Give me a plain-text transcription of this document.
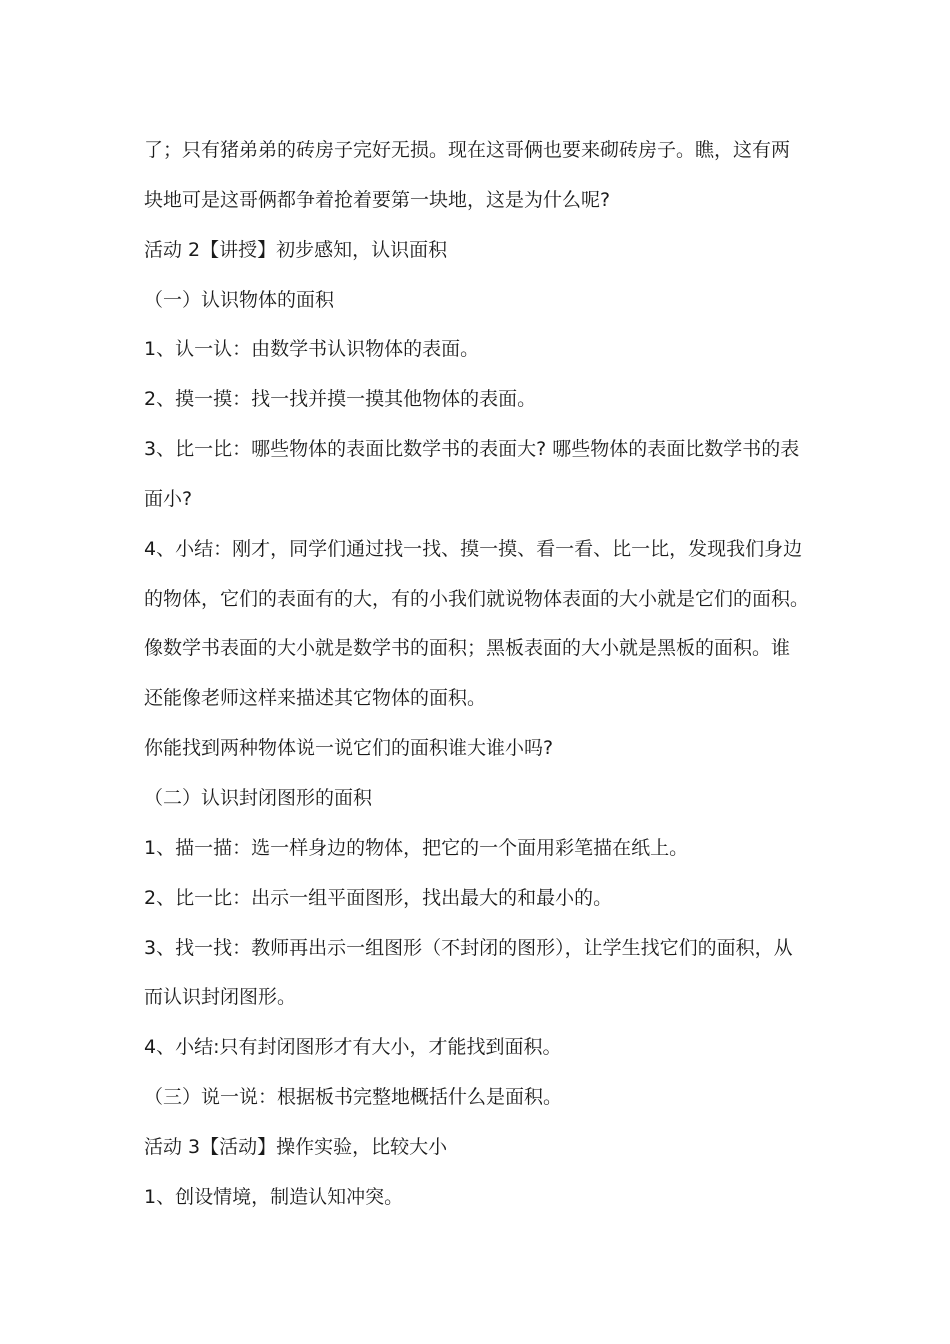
了；只有猪弟弟的砖房子完好无损。现在这哥俩也要来砌砖房子。瞧，这有两
块地可是这哥俩都争着抢着要第一块地，这是为什么呢?
活动 2【讲授】初步感知，认识面积
（一）认识物体的面积
1、认一认：由数学书认识物体的表面。
2、摸一摸：找一找并摸一摸其他物体的表面。
3、比一比：哪些物体的表面比数学书的表面大? 哪些物体的表面比数学书的表
面小?
4、小结：刚才，同学们通过找一找、摸一摸、看一看、比一比，发现我们身边
的物体，它们的表面有的大，有的小我们就说物体表面的大小就是它们的面积。
像数学书表面的大小就是数学书的面积；黑板表面的大小就是黑板的面积。谁
还能像老师这样来描述其它物体的面积。
你能找到两种物体说一说它们的面积谁大谁小吗?
（二）认识封闭图形的面积
1、描一描：选一样身边的物体，把它的一个面用彩笔描在纸上。
2、比一比：出示一组平面图形，找出最大的和最小的。
3、找一找：教师再出示一组图形（不封闭的图形），让学生找它们的面积，从
而认识封闭图形。
4、小结:只有封闭图形才有大小，才能找到面积。
（三）说一说：根据板书完整地概括什么是面积。
活动 3【活动】操作实验，比较大小
1、创设情境，制造认知冲突。
